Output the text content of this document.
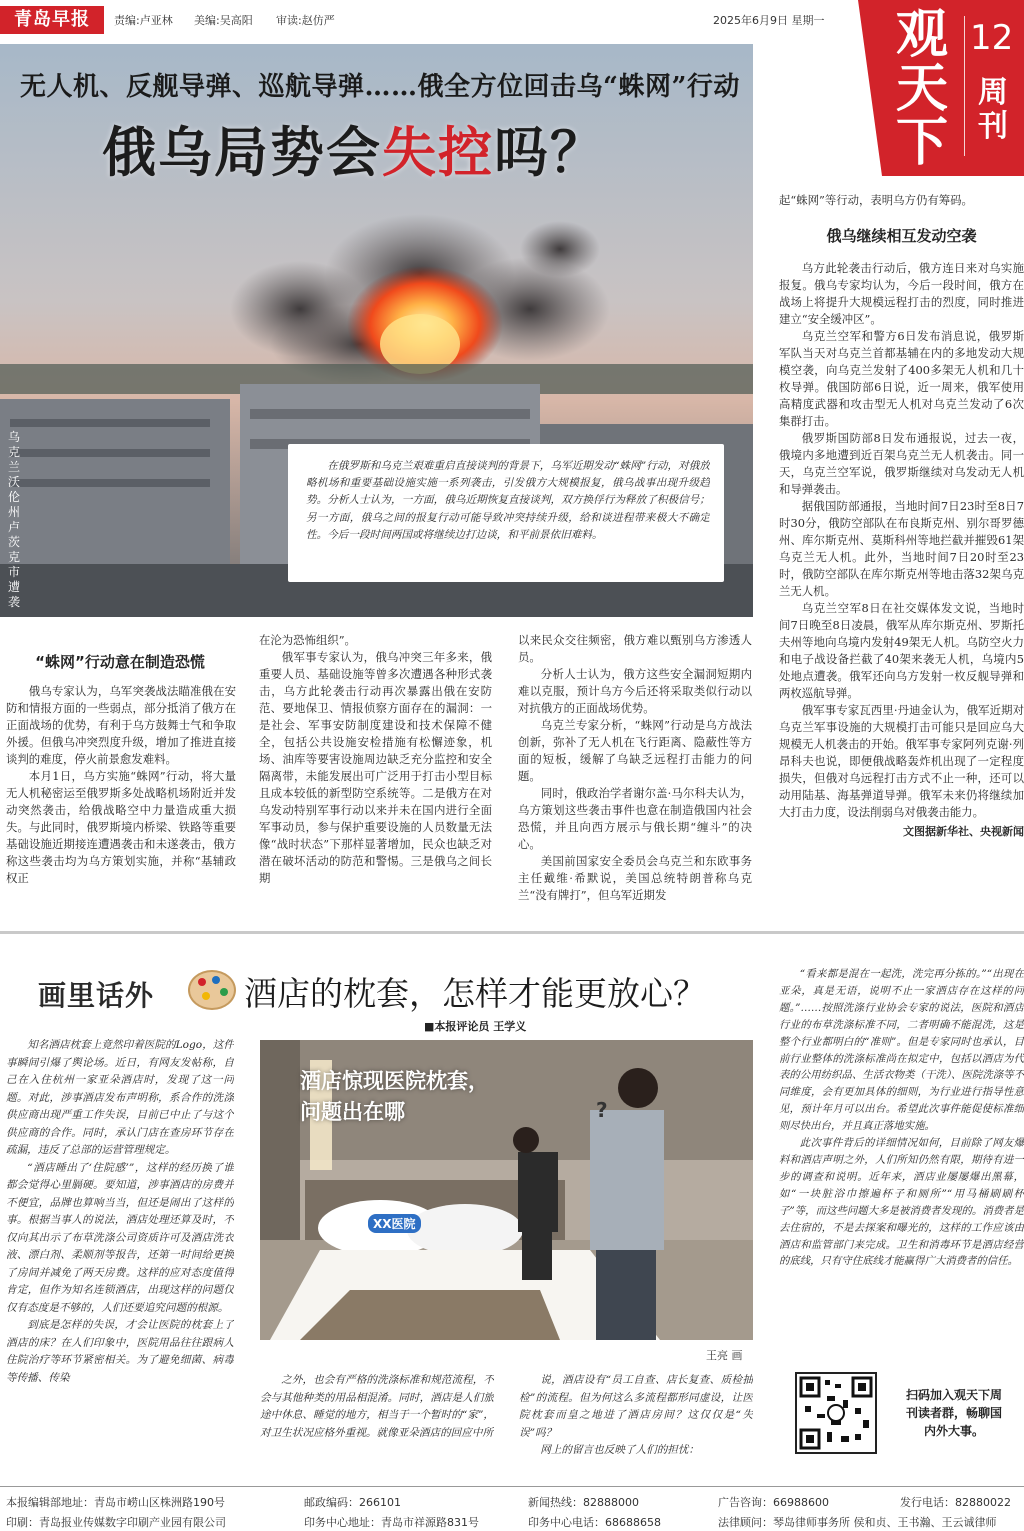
青岛早报	责编:卢亚林 美编:吴高阳 审读:赵仿严	2025年6月9日 星期一 观天下
12
周刊
无人机、反舰导弹、巡航导弹……俄全方位回击乌“蛛网”行动
俄乌局势会失控吗？
乌克兰沃伦州卢茨克市遭袭

在俄罗斯和乌克兰艰难重启直接谈判的背景下，乌军近期发动“蛛网”行动，对俄放略机场和重要基础设施实施一系列袭击，引发俄方大规模报复，俄乌战事出现升级趋势。分析人士认为，一方面，俄乌近期恢复直接谈判，双方换俘行为释放了积极信号；另一方面，俄乌之间的报复行动可能导致冲突持续升级，给和谈进程带来极大不确定性。今后一段时间两国或将继续边打边谈，和平前景依旧难料。

起“蛛网”等行动，表明乌方仍有筹码。
俄乌继续相互发动空袭

乌方此轮袭击行动后，俄方连日来对乌实施报复。俄乌专家均认为，今后一段时间，俄方在战场上将提升大规模远程打击的烈度，同时推进建立“安全缓冲区”。

乌克兰空军和警方6日发布消息说，俄罗斯军队当天对乌克兰首都基辅在内的多地发动大规模空袭，向乌克兰发射了400多架无人机和几十枚导弹。俄国防部6日说，近一周来，俄军使用高精度武器和攻击型无人机对乌克兰发动了6次集群打击。

俄罗斯国防部8日发布通报说，过去一夜，俄境内多地遭到近百架乌克兰无人机袭击。同一天，乌克兰空军说，俄罗斯继续对乌发动无人机和导弹袭击。

据俄国防部通报，当地时间7日23时至8日7时30分，俄防空部队在布良斯克州、别尔哥罗德州、库尔斯克州、莫斯科州等地拦截并摧毁61架乌克兰无人机。此外，当地时间7日20时至23时，俄防空部队在库尔斯克州等地击落32架乌克兰无人机。

乌克兰空军8日在社交媒体发文说，当地时间7日晚至8日凌晨，俄军从库尔斯克州、罗斯托夫州等地向乌境内发射49架无人机。乌防空火力和电子战设备拦截了40架来袭无人机，乌境内5处地点遭袭。俄军还向乌方发射一枚反舰导弹和两枚巡航导弹。

俄军事专家瓦西里·丹迪金认为，俄军近期对乌克兰军事设施的大规模打击可能只是回应乌大规模无人机袭击的开始。俄军事专家阿列克谢·列昂科夫也说，即便俄战略轰炸机出现了一定程度损失，但俄对乌远程打击方式不止一种，还可以动用陆基、海基弹道导弹。俄军未来仍将继续加大打击力度，设法削弱乌对俄袭击能力。

文图据新华社、央视新闻
“蛛网”行动意在制造恐慌

俄乌专家认为，乌军突袭战法瞄准俄在安防和情报方面的一些弱点，部分抵消了俄方在正面战场的优势，有利于乌方鼓舞士气和争取外援。但俄乌冲突烈度升级，增加了推进直接谈判的难度，停火前景愈发难料。

本月1日，乌方实施“蛛网”行动，将大量无人机秘密运至俄罗斯多处战略机场附近并发动突然袭击，给俄战略空中力量造成重大损失。与此同时，俄罗斯境内桥梁、铁路等重要基础设施近期接连遭遇袭击和未遂袭击，俄方称这些袭击均为乌方策划实施，并称“基辅政权正

在沦为恐怖组织”。

俄军事专家认为，俄乌冲突三年多来，俄重要人员、基础设施等曾多次遭遇各种形式袭击，乌方此轮袭击行动再次暴露出俄在安防范、要地保卫、情报侦察方面存在的漏洞：一是社会、军事安防制度建设和技术保障不健全，包括公共设施安检措施有松懈迹象，机场、油库等要害设施周边缺乏充分监控和安全隔离带，未能发展出可广泛用于打击小型目标且成本较低的新型防空系统等。二是俄方在对乌发动特别军事行动以来并未在国内进行全面军事动员，参与保护重要设施的人员数量无法像“战时状态”下那样显著增加，民众也缺乏对潜在破坏活动的防范和警惕。三是俄乌之间长期

以来民众交往频密，俄方难以甄别乌方渗透人员。

分析人士认为，俄方这些安全漏洞短期内难以克服，预计乌方今后还将采取类似行动以对抗俄方的正面战场优势。

乌克兰专家分析，“蛛网”行动是乌方战法创新，弥补了无人机在飞行距离、隐蔽性等方面的短板，缓解了乌缺乏远程打击能力的问题。

同时，俄政治学者谢尔盖·马尔科夫认为，乌方策划这些袭击事件也意在制造俄国内社会恐慌，并且向西方展示与俄长期“缠斗”的决心。

美国前国家安全委员会乌克兰和东欧事务主任戴维·希默说，美国总统特朗普称乌克兰“没有牌打”，但乌军近期发

画里话外	酒店的枕套，怎样才能更放心？
■本报评论员 王学义

知名酒店枕套上竟然印着医院的Logo，这件事瞬间引爆了舆论场。近日，有网友发帖称，自己在入住杭州一家亚朵酒店时，发现了这一问题。对此，涉事酒店发布声明称，系合作的洗涤供应商出现严重工作失误，目前已中止了与这个供应商的合作。同时，承认门店在查房环节存在疏漏，违反了总部的运营管理规定。

“酒店睡出了‘住院感’”，这样的经历换了谁都会觉得心里膈硬。要知道，涉事酒店的房费并不便宜，品牌也算响当当，但还是闹出了这样的事。根据当事人的说法，酒店处理还算及时，不仅向其出示了布草洗涤公司资质许可及酒店洗衣液、漂白剂、柔顺剂等报告，还第一时间给更换了房间并减免了两天房费。这样的应对态度值得肯定，但作为知名连锁酒店，出现这样的问题仅仅有态度是不够的，人们还要追究问题的根源。

到底是怎样的失误，才会让医院的枕套上了酒店的床？在人们印象中，医院用品往往跟病人住院治疗等环节紧密相关。为了避免细菌、病毒等传播、传染

酒店惊现医院枕套，
问题出在哪
XX医院
?
王亮 画

之外，也会有严格的洗涤标准和规范流程，不会与其他种类的用品相混淆。同时，酒店是人们旅途中休息、睡觉的地方，相当于一个暂时的“家”，对卫生状况应格外重视。就像亚朵酒店的回应中所

说，酒店设有“员工自查、店长复查、质检抽检”的流程。但为何这么多流程都形同虚设，让医院枕套而皇之地进了酒店房间？这仅仅是“失误”吗？

网上的留言也反映了人们的担忧：

“看来都是混在一起洗，洗完再分拣的。”“出现在亚朵，真是无语，说明不止一家酒店存在这样的问题。”……按照洗涤行业协会专家的说法，医院和酒店行业的布草洗涤标准不同，二者明确不能混洗，这是整个行业都明白的“准则”。但是专家同时也承认，目前行业整体的洗涤标准尚在拟定中，包括以酒店为代表的公用纺织品、生活衣物类（干洗）、医院洗涤等不同维度，会有更加具体的细则，为行业进行指导性意见，预计年月可以出台。希望此次事件能促使标准细则尽快出台，并且真正落地实施。

此次事件背后的详细情况如何，目前除了网友爆料和酒店声明之外，人们所知仍然有限，期待有进一步的调查和说明。近年来，酒店业屡屡爆出黑幕，如“一块脏浴巾擦遍杯子和厕所”“用马桶刷刷杯子”等，而这些问题大多是被消费者发现的。消费者是去住宿的，不是去探案和曝光的，这样的工作应该由酒店和监管部门来完成。卫生和消毒环节是酒店经营的底线，只有守住底线才能赢得广大消费者的信任。

扫码加入观天下周刊读者群，畅聊国内外大事。
本报编辑部地址：青岛市崂山区株洲路190号	邮政编码：266101	新闻热线：82888000	广告咨询：66988600	发行电话：82880022
印刷：青岛报业传媒数字印刷产业园有限公司	印务中心地址：青岛市祥源路831号	印务中心电话：68688658	法律顾问：琴岛律师事务所 侯和贞、王书瀚、王云诚律师
